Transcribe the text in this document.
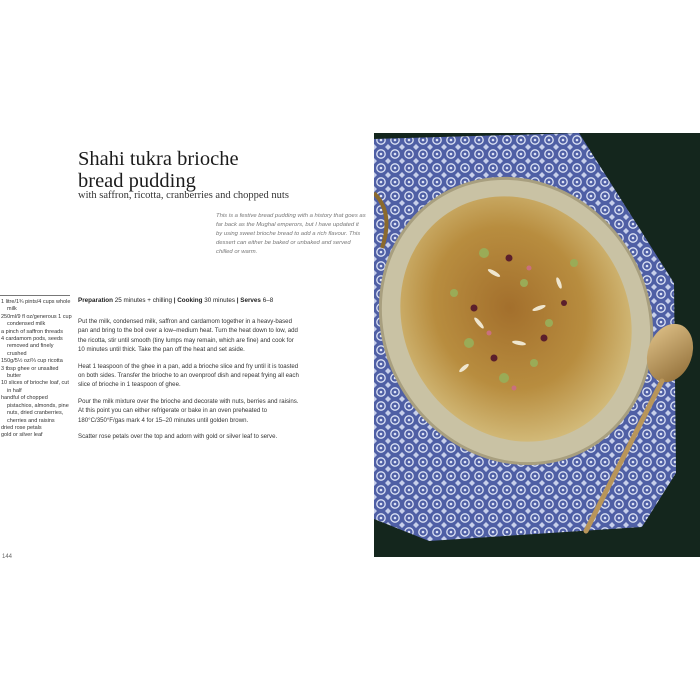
Shahi tukra brioche
bread pudding
with saffron, ricotta, cranberries and chopped nuts
This is a festive bread pudding with a history that goes as far back as the Mughal emperors, but I have updated it by using sweet brioche bread to add a rich flavour. This dessert can either be baked or unbaked and served chilled or warm.
1 litre/1¾ pints/4 cups whole milk
250ml/9 fl oz/generous 1 cup condensed milk
a pinch of saffron threads
4 cardamom pods, seeds removed and finely crushed
150g/5½ oz/⅔ cup ricotta
3 tbsp ghee or unsalted butter
10 slices of brioche loaf, cut in half
handful of chopped pistachios, almonds, pine nuts, dried cranberries, cherries and raisins
dried rose petals
gold or silver leaf
Preparation 25 minutes + chilling | Cooking 30 minutes | Serves 6–8

Put the milk, condensed milk, saffron and cardamom together in a heavy-based pan and bring to the boil over a low–medium heat. Turn the heat down to low, add the ricotta, stir until smooth (tiny lumps may remain, which are fine) and cook for 10 minutes until thick. Take the pan off the heat and set aside.

Heat 1 teaspoon of the ghee in a pan, add a brioche slice and fry until it is toasted on both sides. Transfer the brioche to an ovenproof dish and repeat frying all each slice of brioche in 1 teaspoon of ghee.

Pour the milk mixture over the brioche and decorate with nuts, berries and raisins. At this point you can either refrigerate or bake in an oven preheated to 180°C/350°F/gas mark 4 for 15–20 minutes until golden brown.

Scatter rose petals over the top and adorn with gold or silver leaf to serve.

144
